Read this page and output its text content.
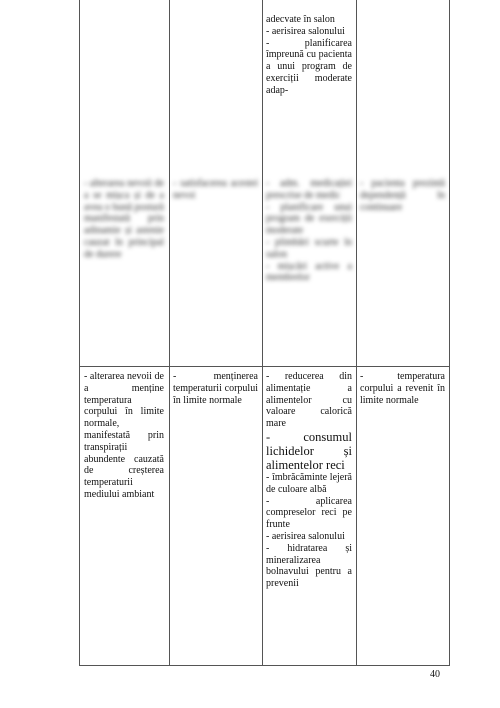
adecvate în salon
- aerisirea salonului
- planificarea împreună cu pacienta a unui program de exerciții moderate adap-
- alterarea nevoii de a se mișca și de a avea o bună postură manifestată prin adinamie și astenie cauzat în principal de durere
- satisfacerea acestei nevoi
- adm. medicației prescrise de medic
- planificare unui program de exerciții moderate
- plimbări scurte în salon
- mișcări active a membrelor
- pacienta prezintă dependență în continuare
- alterarea nevoii de a menține temperatura corpului în limite normale, manifestată prin transpirații abundente cauzată de creșterea temperaturii mediului ambiant
- menținerea temperaturii corpului în limite normale
- reducerea din alimentație a alimentelor cu valoare calorică mare
- consumul lichidelor și alimentelor reci
- îmbrăcăminte lejeră de culoare albă
- aplicarea compreselor reci pe frunte
- aerisirea salonului
- hidratarea și mineralizarea bolnavului pentru a prevenii
- temperatura corpului a revenit în limite normale
40
